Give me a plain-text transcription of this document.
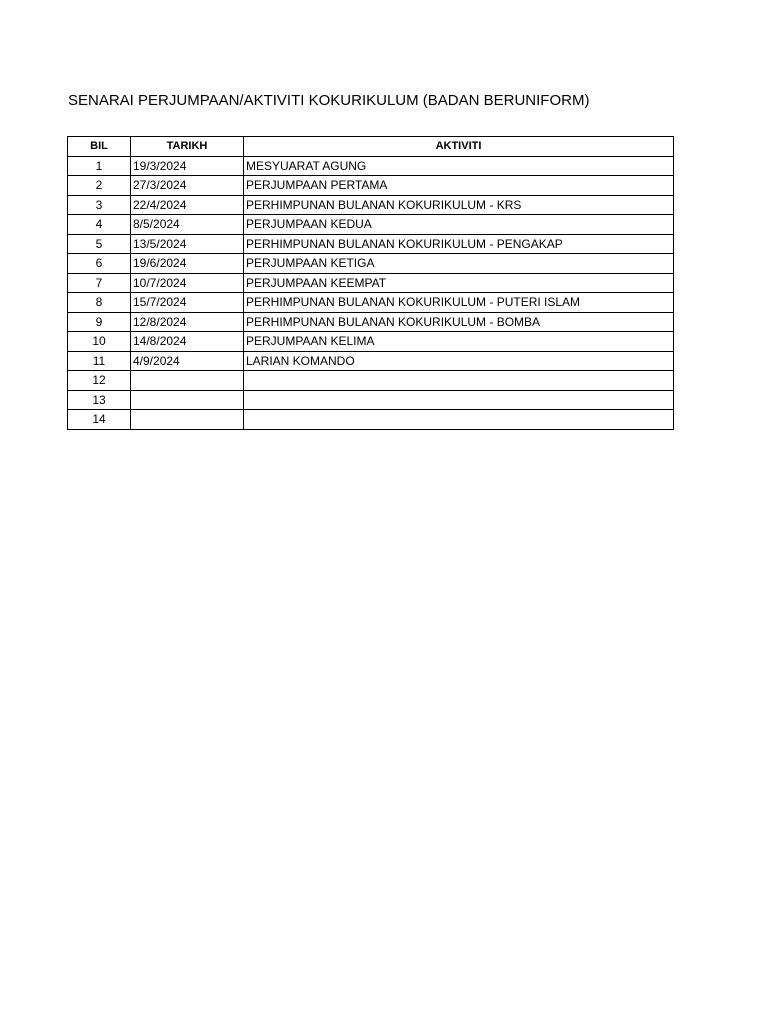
SENARAI PERJUMPAAN/AKTIVITI KOKURIKULUM (BADAN BERUNIFORM)
BIL	TARIKH	AKTIVITI
1	19/3/2024	MESYUARAT AGUNG
2	27/3/2024	PERJUMPAAN PERTAMA
3	22/4/2024	PERHIMPUNAN BULANAN KOKURIKULUM - KRS
4	8/5/2024	PERJUMPAAN KEDUA
5	13/5/2024	PERHIMPUNAN BULANAN KOKURIKULUM - PENGAKAP
6	19/6/2024	PERJUMPAAN KETIGA
7	10/7/2024	PERJUMPAAN KEEMPAT
8	15/7/2024	PERHIMPUNAN BULANAN KOKURIKULUM - PUTERI ISLAM
9	12/8/2024	PERHIMPUNAN BULANAN KOKURIKULUM - BOMBA
10	14/8/2024	PERJUMPAAN KELIMA
11	4/9/2024	LARIAN KOMANDO
12		
13		
14		
